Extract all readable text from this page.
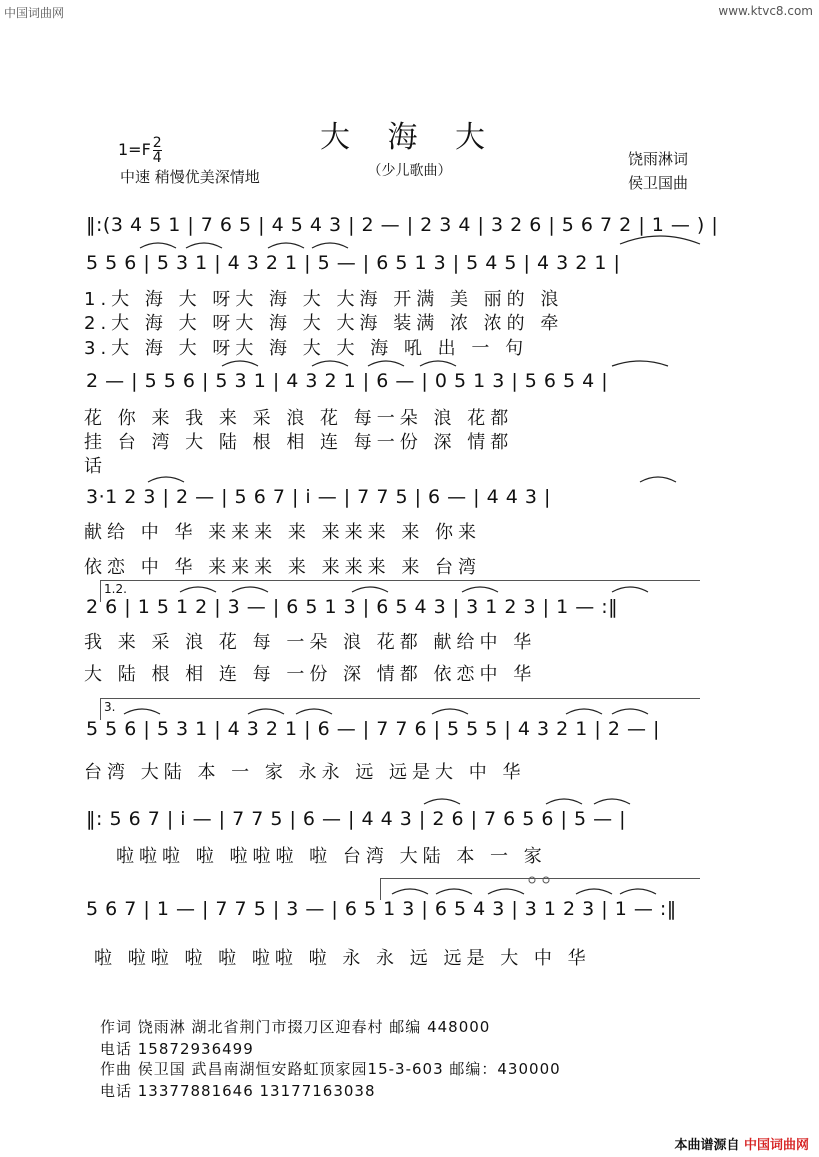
中国词曲网	www.ktvc8.com
$1=F \frac{2}{4}$
中速 稍慢优美深情地
大 海 大
（少儿歌曲）
饶雨淋词
侯卫国曲
‖:(3 4 5 1 | 7 6 5 | 4 5 4 3 | 2 — | 2 3 4 | 3 2 6 | 5 6 7 2 | 1 — ) |
5 5 6 | 5 3 1 | 4 3 2 1 | 5 — | 6 5 1 3 | 5 4 5 | 4 3 2 1 |
1.大 海 大 呀大 海 大 大海 开满 美 丽的 浪
2.大 海 大 呀大 海 大 大海 装满 浓 浓的 牵
3.大 海 大 呀大 海 大 大 海 吼 出 一 句
2 — | 5 5 6 | 5 3 1 | 4 3 2 1 | 6 — | 0 5 1 3 | 5 6 5 4 |
花 你 来 我 来 采 浪 花 每一朵 浪 花都
挂 台 湾 大 陆 根 相 连 每一份 深 情都
话
3·1 2 3 | 2 — | 5 6 7 | i — | 7 7 5 | 6 — | 4 4 3 |
献给 中 华 来来来 来 来来来 来 你来
依恋 中 华 来来来 来 来来来 来 台湾
1.2.
2 6 | 1 5 1 2 | 3 — | 6 5 1 3 | 6 5 4 3 | 3 1 2 3 | 1 — :‖
我 来 采 浪 花 每 一朵 浪 花都 献给中 华
大 陆 根 相 连 每 一份 深 情都 依恋中 华
3.
5 5 6 | 5 3 1 | 4 3 2 1 | 6 — | 7 7 6 | 5 5 5 | 4 3 2 1 | 2 — |
台湾 大陆 本 一 家 永永 远 远是大 中 华
‖: 5 6 7 | i — | 7 7 5 | 6 — | 4 4 3 | 2 6 | 7 6 5 6 | 5 — |
啦啦啦 啦 啦啦啦 啦 台湾 大陆 本 一 家
5 6 7 | 1 — | 7 7 5 | 3 — | 6 5 1 3 | 6 5 4 3 | 3 1 2 3 | 1 — :‖
啦 啦啦 啦 啦 啦啦 啦 永 永 远 远是 大 中 华
作词 饶雨淋 湖北省荆门市掇刀区迎春村 邮编 448000
电话 15872936499
作曲 侯卫国 武昌南湖恒安路虹顶家园15-3-603 邮编：430000
电话 13377881646 13177163038
本曲谱源自 中国词曲网
